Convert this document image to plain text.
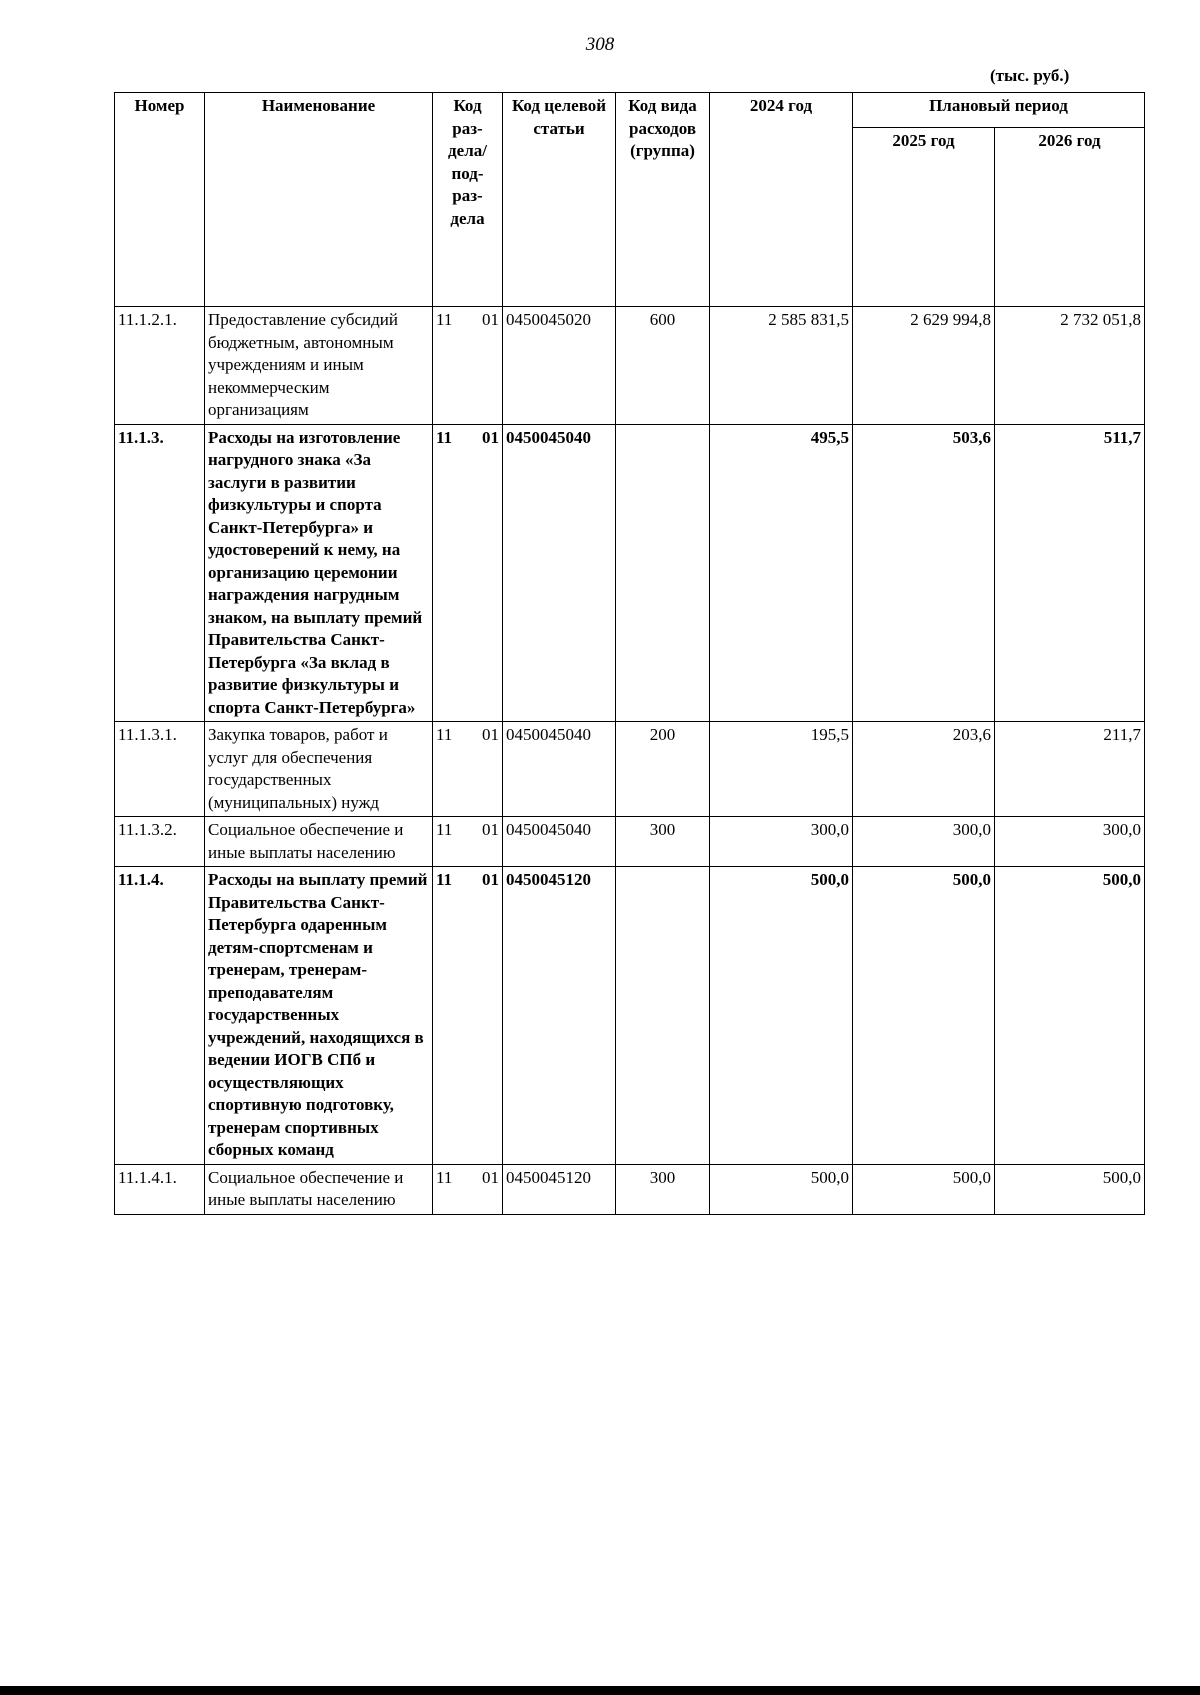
308
(тыс. руб.)
Номер	Наименование	Код раз-дела/ под-раз-дела	Код целевой статьи	Код вида расходов (группа)	2024 год	Плановый период	
						2025 год	2026 год
11.1.2.1.	Предоставление субсидий бюджетным, автономным учреждениям и иным некоммерческим организациям	11 01	0450045020	600	2 585 831,5	2 629 994,8	2 732 051,8
11.1.3.	Расходы на изготовление нагрудного знака «За заслуги в развитии физкультуры и спорта Санкт-Петербурга» и удостоверений к нему, на организацию церемонии награждения нагрудным знаком, на выплату премий Правительства Санкт-Петербурга «За вклад в развитие физкультуры и спорта Санкт-Петербурга»	11 01	0450045040		495,5	503,6	511,7
11.1.3.1.	Закупка товаров, работ и услуг для обеспечения государственных (муниципальных) нужд	11 01	0450045040	200	195,5	203,6	211,7
11.1.3.2.	Социальное обеспечение и иные выплаты населению	11 01	0450045040	300	300,0	300,0	300,0
11.1.4.	Расходы на выплату премий Правительства Санкт-Петербурга одаренным детям-спортсменам и тренерам, тренерам-преподавателям государственных учреждений, находящихся в ведении ИОГВ СПб и осуществляющих спортивную подготовку, тренерам спортивных сборных команд	11 01	0450045120		500,0	500,0	500,0
11.1.4.1.	Социальное обеспечение и иные выплаты населению	11 01	0450045120	300	500,0	500,0	500,0
